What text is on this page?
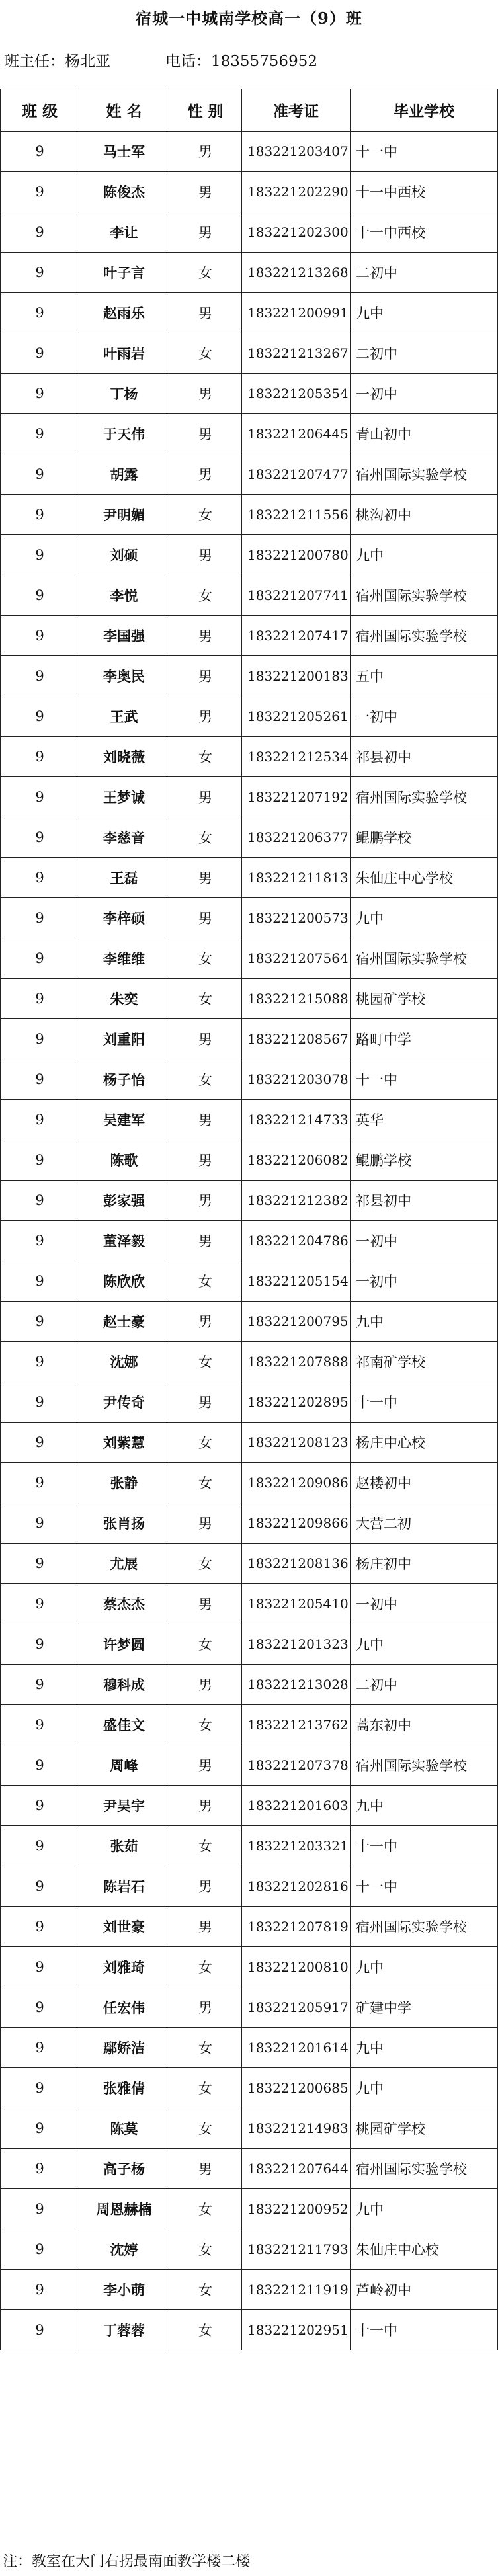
宿城一中城南学校高一（9）班
班主任：杨北亚	电话：18355756952
班 级	姓 名	性 别	准考证	毕业学校
9	马士军	男	183221203407	十一中
9	陈俊杰	男	183221202290	十一中西校
9	李让	男	183221202300	十一中西校
9	叶子言	女	183221213268	二初中
9	赵雨乐	男	183221200991	九中
9	叶雨岩	女	183221213267	二初中
9	丁杨	男	183221205354	一初中
9	于天伟	男	183221206445	青山初中
9	胡露	男	183221207477	宿州国际实验学校
9	尹明媚	女	183221211556	桃沟初中
9	刘硕	男	183221200780	九中
9	李悦	女	183221207741	宿州国际实验学校
9	李国强	男	183221207417	宿州国际实验学校
9	李奥民	男	183221200183	五中
9	王武	男	183221205261	一初中
9	刘晓薇	女	183221212534	祁县初中
9	王梦诚	男	183221207192	宿州国际实验学校
9	李慈音	女	183221206377	鲲鹏学校
9	王磊	男	183221211813	朱仙庄中心学校
9	李梓硕	男	183221200573	九中
9	李维维	女	183221207564	宿州国际实验学校
9	朱奕	女	183221215088	桃园矿学校
9	刘重阳	男	183221208567	路町中学
9	杨子怡	女	183221203078	十一中
9	吴建军	男	183221214733	英华
9	陈歌	男	183221206082	鲲鹏学校
9	彭家强	男	183221212382	祁县初中
9	董泽毅	男	183221204786	一初中
9	陈欣欣	女	183221205154	一初中
9	赵士豪	男	183221200795	九中
9	沈娜	女	183221207888	祁南矿学校
9	尹传奇	男	183221202895	十一中
9	刘紫慧	女	183221208123	杨庄中心校
9	张静	女	183221209086	赵楼初中
9	张肖扬	男	183221209866	大营二初
9	尤展	女	183221208136	杨庄初中
9	蔡杰杰	男	183221205410	一初中
9	许梦圆	女	183221201323	九中
9	穆科成	男	183221213028	二初中
9	盛佳文	女	183221213762	蒿东初中
9	周峰	男	183221207378	宿州国际实验学校
9	尹昊宇	男	183221201603	九中
9	张茹	女	183221203321	十一中
9	陈岩石	男	183221202816	十一中
9	刘世豪	男	183221207819	宿州国际实验学校
9	刘雅琦	女	183221200810	九中
9	任宏伟	男	183221205917	矿建中学
9	鄢娇洁	女	183221201614	九中
9	张雅倩	女	183221200685	九中
9	陈莫	女	183221214983	桃园矿学校
9	高子杨	男	183221207644	宿州国际实验学校
9	周恩赫楠	女	183221200952	九中
9	沈婷	女	183221211793	朱仙庄中心校
9	李小萌	女	183221211919	芦岭初中
9	丁蓉蓉	女	183221202951	十一中
注：教室在大门右拐最南面教学楼二楼
